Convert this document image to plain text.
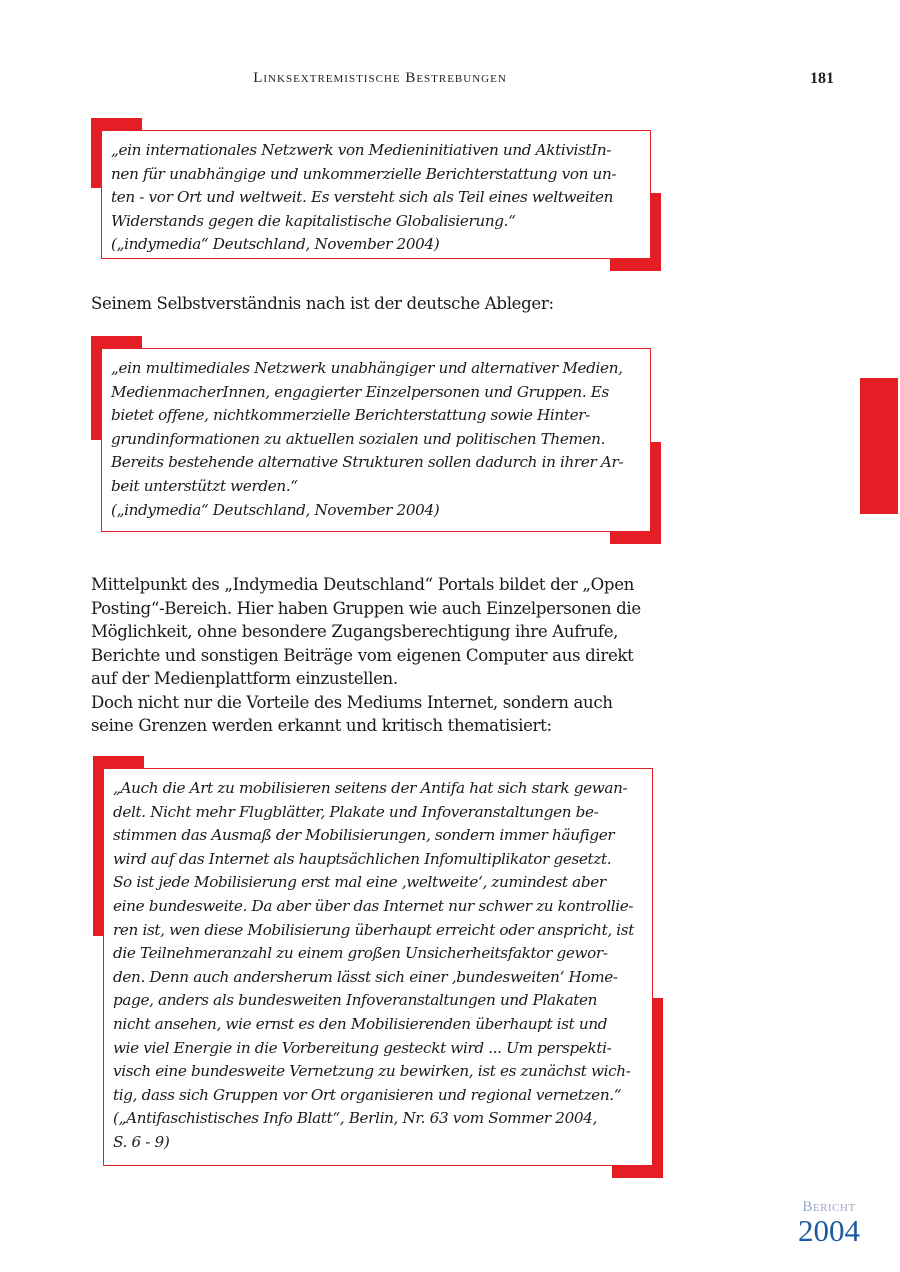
Linksextremistische Bestrebungen	181
„ein internationales Netzwerk von Medieninitiativen und AktivistIn-
nen für unabhängige und unkommerzielle Berichterstattung von un-
ten - vor Ort und weltweit. Es versteht sich als Teil eines weltweiten
Widerstands gegen die kapitalistische Globalisierung.“
(„indymedia“ Deutschland, November 2004)
Seinem Selbstverständnis nach ist der deutsche Ableger:
„ein multimediales Netzwerk unabhängiger und alternativer Medien,
MedienmacherInnen, engagierter Einzelpersonen und Gruppen. Es
bietet offene, nichtkommerzielle Berichterstattung sowie Hinter-
grundinformationen zu aktuellen sozialen und politischen Themen.
Bereits bestehende alternative Strukturen sollen dadurch in ihrer Ar-
beit unterstützt werden.“
(„indymedia“ Deutschland, November 2004)
Mittelpunkt des „Indymedia Deutschland“ Portals bildet der „Open
Posting“-Bereich. Hier haben Gruppen wie auch Einzelpersonen die
Möglichkeit, ohne besondere Zugangsberechtigung ihre Aufrufe,
Berichte und sonstigen Beiträge vom eigenen Computer aus direkt
auf der Medienplattform einzustellen.
Doch nicht nur die Vorteile des Mediums Internet, sondern auch
seine Grenzen werden erkannt und kritisch thematisiert:
„Auch die Art zu mobilisieren seitens der Antifa hat sich stark gewan-
delt. Nicht mehr Flugblätter, Plakate und Infoveranstaltungen be-
stimmen das Ausmaß der Mobilisierungen, sondern immer häufiger
wird auf das Internet als hauptsächlichen Infomultiplikator gesetzt.
So ist jede Mobilisierung erst mal eine ‚weltweite‘, zumindest aber
eine bundesweite. Da aber über das Internet nur schwer zu kontrollie-
ren ist, wen diese Mobilisierung überhaupt erreicht oder anspricht, ist
die Teilnehmeranzahl zu einem großen Unsicherheitsfaktor gewor-
den. Denn auch andersherum lässt sich einer ‚bundesweiten‘ Home-
page, anders als bundesweiten Infoveranstaltungen und Plakaten
nicht ansehen, wie ernst es den Mobilisierenden überhaupt ist und
wie viel Energie in die Vorbereitung gesteckt wird ... Um perspekti-
visch eine bundesweite Vernetzung zu bewirken, ist es zunächst wich-
tig, dass sich Gruppen vor Ort organisieren und regional vernetzen.“
(„Antifaschistisches Info Blatt“, Berlin, Nr. 63 vom Sommer 2004,
S. 6 - 9)
Bericht
2004
